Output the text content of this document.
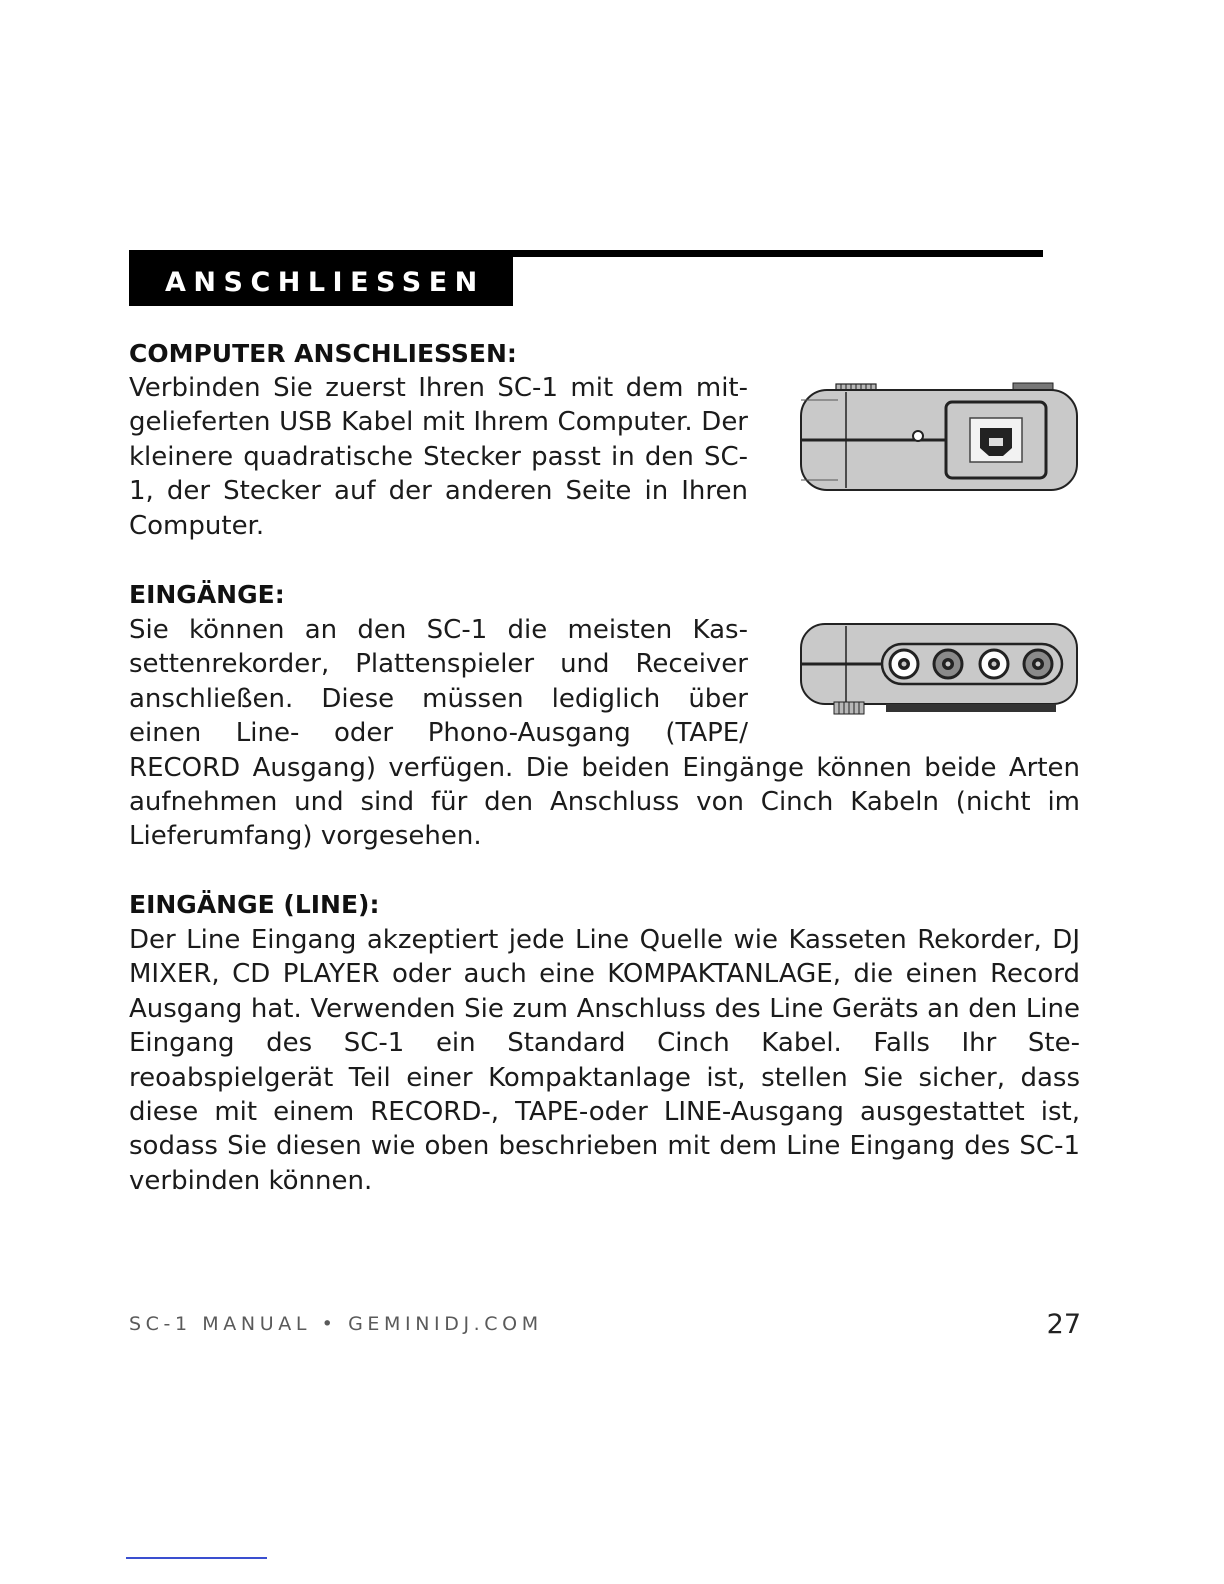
ANSCHLIESSEN
COMPUTER ANSCHLIESSEN:

Verbinden Sie zuerst Ihren SC-1 mit dem mit- gelieferten USB Kabel mit Ihrem Computer. Der kleinere quadratische Stecker passt in den SC-1, der Stecker auf der anderen Seite in Ihren Computer.

EINGÄNGE:

Sie können an den SC-1 die meisten Kas- settenrekorder, Plattenspieler und Receiver anschließen. Diese müssen lediglich über einen Line- oder Phono-Ausgang (TAPE/ RECORD Ausgang) verfügen. Die beiden Eingänge können beide Arten aufnehmen und sind für den Anschluss von Cinch Kabeln (nicht im Lieferumfang) vorgesehen.

EINGÄNGE (LINE):

Der Line Eingang akzeptiert jede Line Quelle wie Kasseten Rekorder, DJ MIXER, CD PLAYER oder auch eine KOMPAKTANLAGE, die einen Record Ausgang hat. Verwenden Sie zum Anschluss des Line Geräts an den Line Eingang des SC-1 ein Standard Cinch Kabel. Falls Ihr Ste- reoabspielgerät Teil einer Kompaktanlage ist, stellen Sie sicher, dass diese mit einem RECORD-, TAPE-oder LINE-Ausgang ausgestattet ist, sodass Sie diesen wie oben beschrieben mit dem Line Eingang des SC-1 verbinden können.

SC-1 MANUAL • GEMINIDJ.COM	27
